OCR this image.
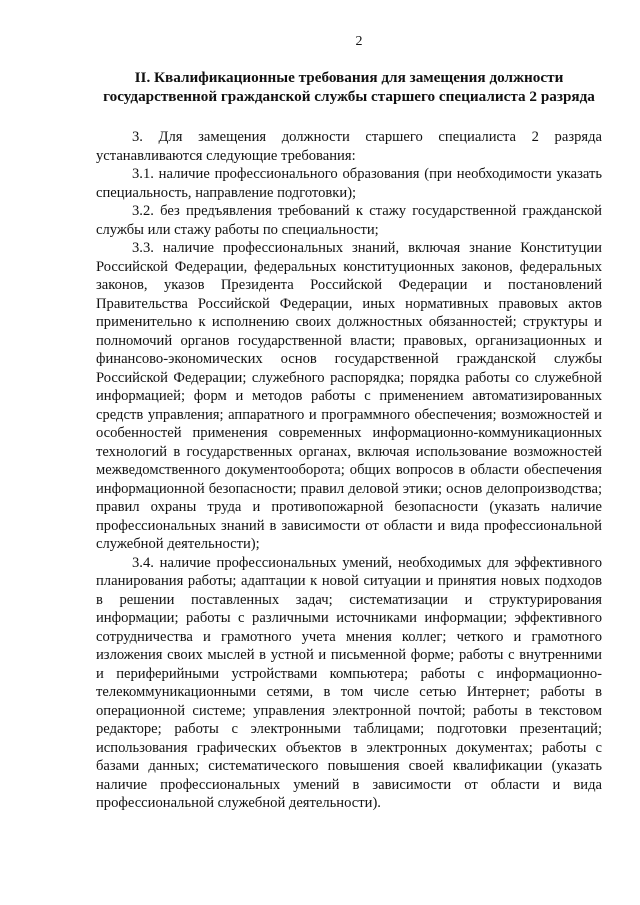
2
II. Квалификационные требования для замещения должности государственной гражданской службы старшего специалиста 2 разряда

3. Для замещения должности старшего специалиста 2 разряда устанавливаются следующие требования:

3.1. наличие профессионального образования (при необходимости указать специальность, направление подготовки);

3.2. без предъявления требований к стажу государственной гражданской службы или стажу работы по специальности;

3.3. наличие профессиональных знаний, включая знание Конституции Российской Федерации, федеральных конституционных законов, федеральных законов, указов Президента Российской Федерации и постановлений Правительства Российской Федерации, иных нормативных правовых актов применительно к исполнению своих должностных обязанностей; структуры и полномочий органов государственной власти; правовых, организационных и финансово-экономических основ государственной гражданской службы Российской Федерации; служебного распорядка; порядка работы со служебной информацией; форм и методов работы с применением автоматизированных средств управления; аппаратного и программного обеспечения; возможностей и особенностей применения современных информационно-коммуникационных технологий в государственных органах, включая использование возможностей межведомственного документооборота; общих вопросов в области обеспечения информационной безопасности; правил деловой этики; основ делопроизводства; правил охраны труда и противопожарной безопасности (указать наличие профессиональных знаний в зависимости от области и вида профессиональной служебной деятельности);

3.4. наличие профессиональных умений, необходимых для эффективного планирования работы; адаптации к новой ситуации и принятия новых подходов в решении поставленных задач; систематизации и структурирования информации; работы с различными источниками информации; эффективного сотрудничества и грамотного учета мнения коллег; четкого и грамотного изложения своих мыслей в устной и письменной форме; работы с внутренними и периферийными устройствами компьютера; работы с информационно-телекоммуникационными сетями, в том числе сетью Интернет; работы в операционной системе; управления электронной почтой; работы в текстовом редакторе; работы с электронными таблицами; подготовки презентаций; использования графических объектов в электронных документах; работы с базами данных; систематического повышения своей квалификации (указать наличие профессиональных умений в зависимости от области и вида профессиональной служебной деятельности).
